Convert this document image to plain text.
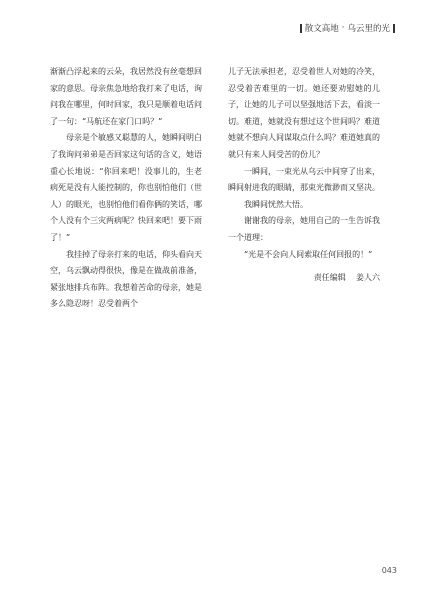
散文高地 · 乌云里的光

渐渐凸浮起来的云朵，我居然没有丝毫想回家的意思。母亲焦急地给我打来了电话，询问我在哪里，何时回家，我只是顺着电话问了一句：“马航还在家门口吗？”

母亲是个敏感又聪慧的人，她瞬间明白了我询问弟弟是否回家这句话的含义，她语重心长地说：“你回来吧！没事儿的，生老病死是没有人能控制的，你也别怕他们（世人）的眼光，也别怕他们看你俩的笑话，哪个人没有个三灾两病呢？快回来吧！要下雨了！”

我挂掉了母亲打来的电话，仰头看向天空，乌云飘动得很快，像是在做战前准备，紧张地排兵布阵。我想着苦命的母亲，她是多么隐忍呀！忍受着两个

儿子无法承担老，忍受着世人对她的冷笑，忍受着苦难里的一切。她还要劝慰她的儿子，让她的儿子可以坚强地活下去，看淡一切。难道，她就没有想过这个世间吗？难道她就不想向人间谋取点什么吗？难道她真的就只有来人间受苦的份儿？

一瞬间，一束光从乌云中间穿了出来，瞬间射进我的眼睛，那束光微渺而又坚决。

我瞬间恍然大悟。

谢谢我的母亲，她用自己的一生告诉我一个道理：

“光是不会向人间索取任何回报的！”

责任编辑 姜人六
043
